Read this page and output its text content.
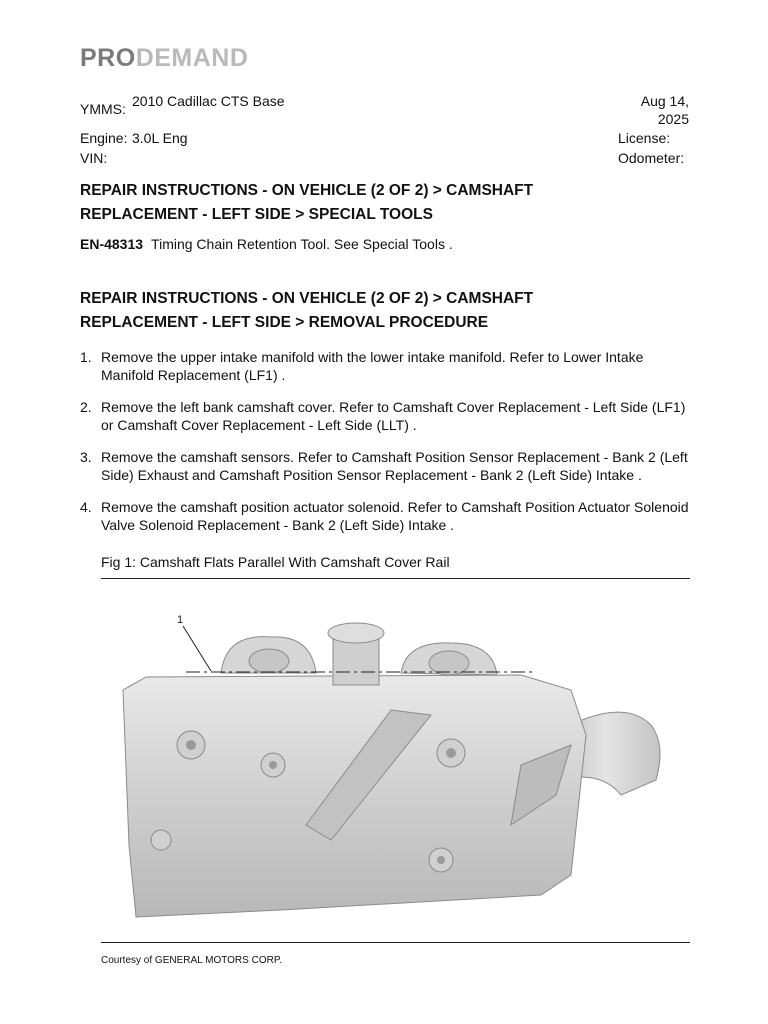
PRODEMAND
YMMS: 2010 Cadillac CTS Base	Aug 14,
2025
Engine: 3.0L Eng	License:
VIN:	Odometer:
REPAIR INSTRUCTIONS - ON VEHICLE (2 OF 2) > CAMSHAFT
REPLACEMENT - LEFT SIDE > SPECIAL TOOLS
EN-48313 Timing Chain Retention Tool. See Special Tools .
REPAIR INSTRUCTIONS - ON VEHICLE (2 OF 2) > CAMSHAFT
REPLACEMENT - LEFT SIDE > REMOVAL PROCEDURE
1. Remove the upper intake manifold with the lower intake manifold. Refer to Lower Intake Manifold Replacement (LF1) .
2. Remove the left bank camshaft cover. Refer to Camshaft Cover Replacement - Left Side (LF1) or Camshaft Cover Replacement - Left Side (LLT) .
3. Remove the camshaft sensors. Refer to Camshaft Position Sensor Replacement - Bank 2 (Left Side) Exhaust and Camshaft Position Sensor Replacement - Bank 2 (Left Side) Intake .
4. Remove the camshaft position actuator solenoid. Refer to Camshaft Position Actuator Solenoid Valve Solenoid Replacement - Bank 2 (Left Side) Intake .
Fig 1: Camshaft Flats Parallel With Camshaft Cover Rail
1
Courtesy of GENERAL MOTORS CORP.
